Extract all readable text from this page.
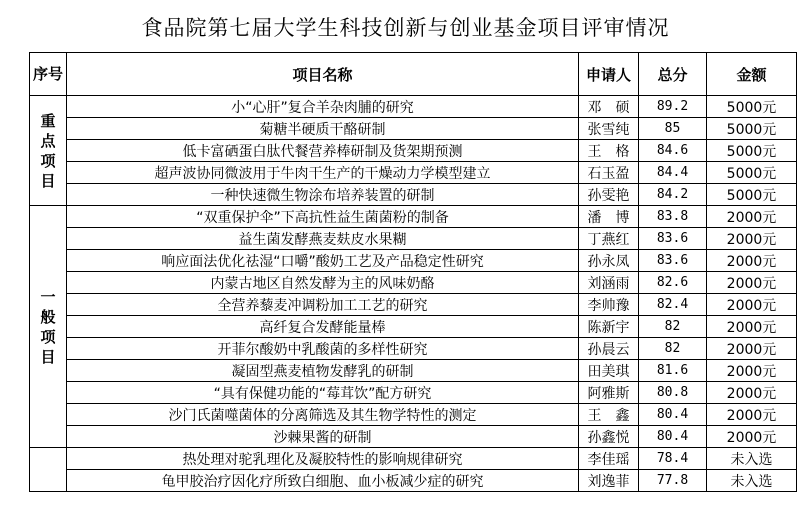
食品院第七届大学生科技创新与创业基金项目评审情况
序号	项目名称	申请人	总分	金额

重
点
项
目	小“心肝”复合羊杂肉脯的研究	邓　硕	89.2	5000元
	菊糖半硬质干酪研制	张雪纯	85	5000元
	低卡富硒蛋白肽代餐营养棒研制及货架期预测	王　格	84.6	5000元
	超声波协同微波用于牛肉干生产的干燥动力学模型建立	石玉盈	84.4	5000元
	一种快速微生物涂布培养装置的研制	孙雯艳	84.2	5000元

一
般
项
目	“双重保护伞”下高抗性益生菌菌粉的制备	潘　博	83.8	2000元
	益生菌发酵燕麦麸皮水果糊	丁燕红	83.6	2000元
	响应面法优化祛湿“口嚼”酸奶工艺及产品稳定性研究	孙永凤	83.6	2000元
	内蒙古地区自然发酵为主的风味奶酪	刘涵雨	82.6	2000元
	全营养藜麦冲调粉加工工艺的研究	李帅豫	82.4	2000元
	高纤复合发酵能量棒	陈新宇	82	2000元
	开菲尔酸奶中乳酸菌的多样性研究	孙晨云	82	2000元
	凝固型燕麦植物发酵乳的研制	田美琪	81.6	2000元
	“具有保健功能的“莓茸饮”配方研究	阿雅斯	80.8	2000元
	沙门氏菌噬菌体的分离筛选及其生物学特性的测定	王　鑫	80.4	2000元
	沙棘果酱的研制	孙鑫悦	80.4	2000元
	热处理对驼乳理化及凝胶特性的影响规律研究	李佳瑶	78.4	未入选
	龟甲胶治疗因化疗所致白细胞、血小板减少症的研究	刘逸菲	77.8	未入选
